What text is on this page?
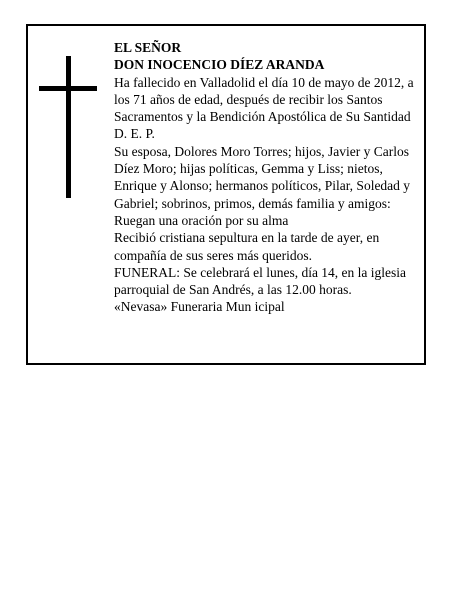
EL SEÑOR
DON INOCENCIO DÍEZ ARANDA
Ha fallecido en Valladolid el día 10 de mayo de 2012, a
los 71 años de edad, después de recibir los Santos
Sacramentos y la Bendición Apostólica de Su Santidad
D. E. P.
Su esposa, Dolores Moro Torres; hijos, Javier y Carlos
Díez Moro; hijas políticas, Gemma y Liss; nietos,
Enrique y Alonso; hermanos políticos, Pilar, Soledad y
Gabriel; sobrinos, primos, demás familia y amigos:
Ruegan una oración por su alma
Recibió cristiana sepultura en la tarde de ayer, en
compañía de sus seres más queridos.
FUNERAL: Se celebrará el lunes, día 14, en la iglesia
parroquial de San Andrés, a las 12.00 horas.
«Nevasa» Funeraria Mun icipal
